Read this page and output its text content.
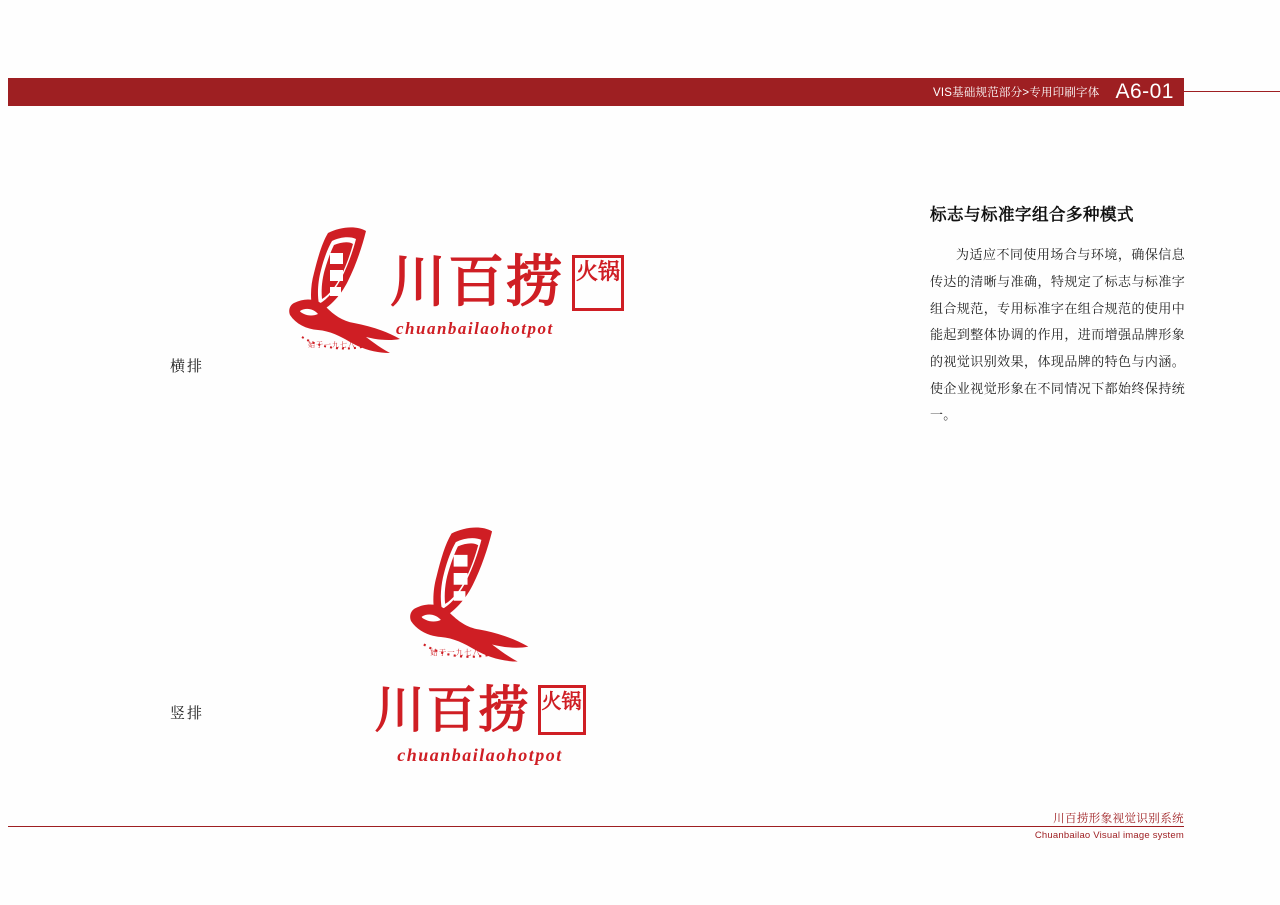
VIS基础规范部分>专用印刷字体 A6-01
横排
竖排
标志与标准字组合多种模式

为适应不同使用场合与环境，确保信息传达的清晰与准确，特规定了标志与标准字组合规范，专用标准字在组合规范的使用中能起到整体协调的作用，进而增强品牌形象的视觉识别效果，体现品牌的特色与内涵。使企业视觉形象在不同情况下都始终保持统一。

始于一九七八
川百捞 火锅
chuanbailaohotpot
始于一九七八
川百捞 火锅
chuanbailaohotpot
川百捞形象视觉识别系统
Chuanbailao Visual image system
